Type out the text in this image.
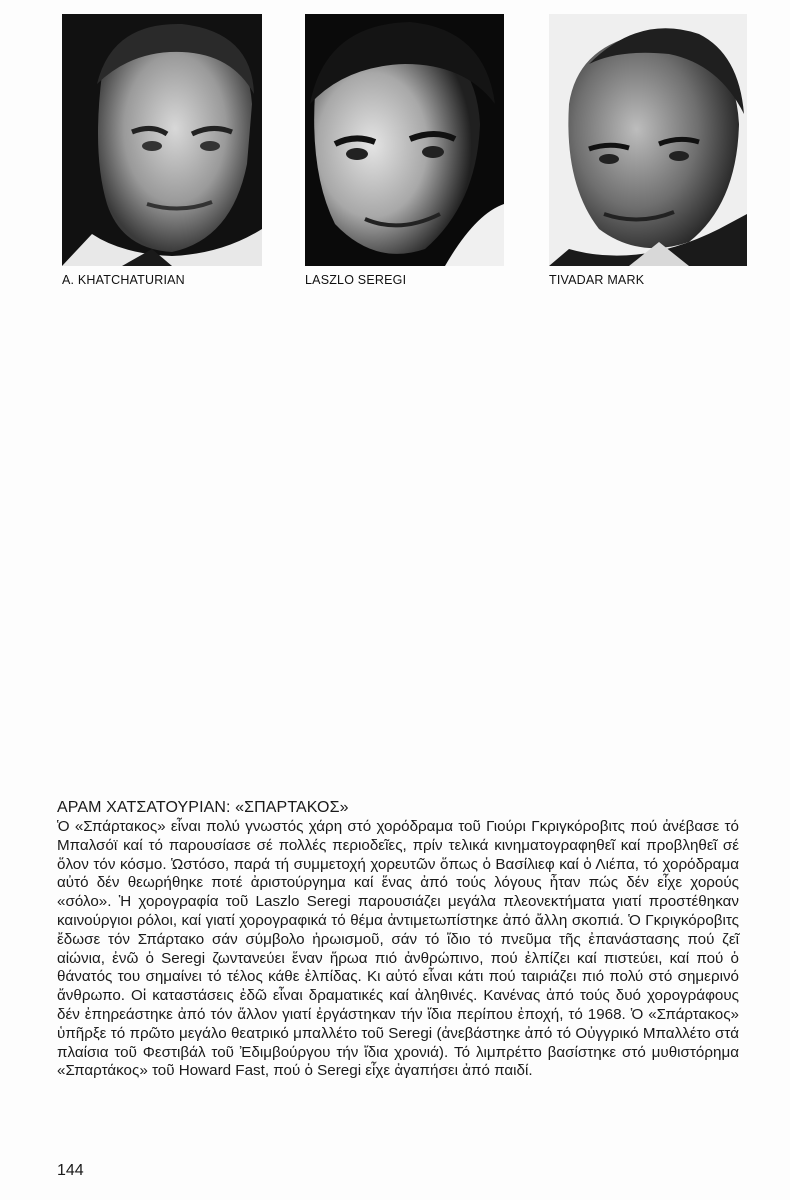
A. KHATCHATURIAN	LASZLO SEREGI	TIVADAR MARK
ΑΡΑΜ ΧΑΤΣΑΤΟΥΡΙΑΝ: «ΣΠΑΡΤΑΚΟΣ»

Ὁ «Σπάρτακος» εἶναι πολύ γνωστός χάρη στό χορόδραμα τοῦ Γιούρι Γκριγκόροβιτς πού ἀνέβασε τό Μπαλσόϊ καί τό παρουσίασε σέ πολλές περιοδεῖες, πρίν τελικά κινηματογραφηθεῖ καί προβληθεῖ σέ ὅλον τόν κόσμο. Ὡστόσο, παρά τή συμμετοχή χορευτῶν ὅπως ὁ Βασίλιεφ καί ὁ Λιέπα, τό χορόδραμα αὐτό δέν θεωρήθηκε ποτέ ἀριστούργημα καί ἕνας ἀπό τούς λόγους ἦταν πώς δέν εἶχε χορούς «σόλο». Ἡ χορογραφία τοῦ Laszlo Seregi παρουσιάζει μεγάλα πλεονεκτήματα γιατί προστέθηκαν καινούργιοι ρόλοι, καί γιατί χορογραφικά τό θέμα ἀντιμετωπίστηκε ἀπό ἄλλη σκοπιά. Ὁ Γκριγκόροβιτς ἔδωσε τόν Σπάρτακο σάν σύμβολο ἡρωισμοῦ, σάν τό ἴδιο τό πνεῦμα τῆς ἐπανάστασης πού ζεῖ αἰώνια, ἐνῶ ὁ Seregi ζωντανεύει ἕναν ἥρωα πιό ἀνθρώπινο, πού ἐλπίζει καί πιστεύει, καί πού ὁ θάνατός του σημαίνει τό τέλος κάθε ἐλπίδας. Κι αὐτό εἶναι κάτι πού ταιριάζει πιό πολύ στό σημερινό ἄνθρωπο. Οἱ καταστάσεις ἐδῶ εἶναι δραματικές καί ἀληθινές. Κανένας ἀπό τούς δυό χορογράφους δέν ἐπηρεάστηκε ἀπό τόν ἄλλον γιατί ἐργάστηκαν τήν ἴδια περίπου ἐποχή, τό 1968. Ὁ «Σπάρτακος» ὑπῆρξε τό πρῶτο μεγάλο θεατρικό μπαλλέτο τοῦ Seregi (ἀνεβάστηκε ἀπό τό Οὐγγρικό Μπαλλέτο στά πλαίσια τοῦ Φεστιβάλ τοῦ Ἐδιμβούργου τήν ἴδια χρονιά). Τό λιμπρέττο βασίστηκε στό μυθιστόρημα «Σπαρτάκος» τοῦ Howard Fast, πού ὁ Seregi εἶχε ἀγαπήσει ἀπό παιδί.

144
